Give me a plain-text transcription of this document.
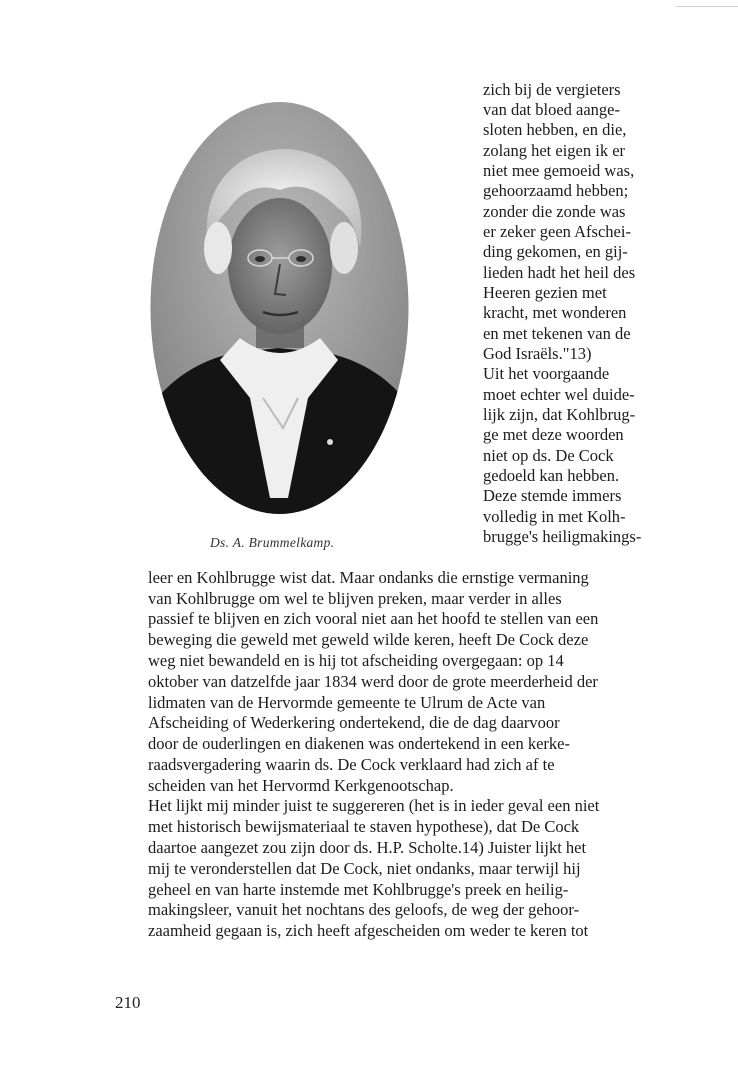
Ds. A. Brummelkamp.
zich bij de vergieters
van dat bloed aange-
sloten hebben, en die,
zolang het eigen ik er
niet mee gemoeid was,
gehoorzaamd hebben;
zonder die zonde was
er zeker geen Afschei-
ding gekomen, en gij-
lieden hadt het heil des
Heeren gezien met
kracht, met wonderen
en met tekenen van de
God Israëls."13)
Uit het voorgaande
moet echter wel duide-
lijk zijn, dat Kohlbrug-
ge met deze woorden
niet op ds. De Cock
gedoeld kan hebben.
Deze stemde immers
volledig in met Kolh-
brugge's heiligmakings-
leer en Kohlbrugge wist dat. Maar ondanks die ernstige vermaning
van Kohlbrugge om wel te blijven preken, maar verder in alles
passief te blijven en zich vooral niet aan het hoofd te stellen van een
beweging die geweld met geweld wilde keren, heeft De Cock deze
weg niet bewandeld en is hij tot afscheiding overgegaan: op 14
oktober van datzelfde jaar 1834 werd door de grote meerderheid der
lidmaten van de Hervormde gemeente te Ulrum de Acte van
Afscheiding of Wederkering ondertekend, die de dag daarvoor
door de ouderlingen en diakenen was ondertekend in een kerke-
raadsvergadering waarin ds. De Cock verklaard had zich af te
scheiden van het Hervormd Kerkgenootschap.
Het lijkt mij minder juist te suggereren (het is in ieder geval een niet
met historisch bewijsmateriaal te staven hypothese), dat De Cock
daartoe aangezet zou zijn door ds. H.P. Scholte.14) Juister lijkt het
mij te veronderstellen dat De Cock, niet ondanks, maar terwijl hij
geheel en van harte instemde met Kohlbrugge's preek en heilig-
makingsleer, vanuit het nochtans des geloofs, de weg der gehoor-
zaamheid gegaan is, zich heeft afgescheiden om weder te keren tot
210
